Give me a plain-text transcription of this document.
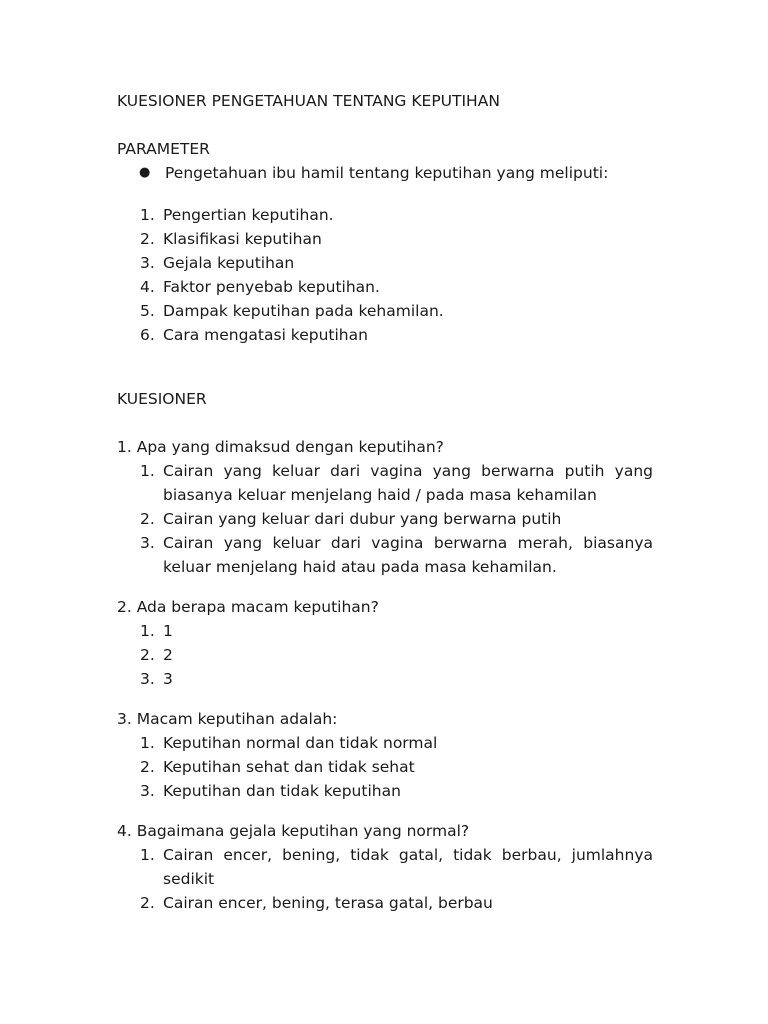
KUESIONER PENGETAHUAN TENTANG KEPUTIHAN
PARAMETER
● Pengetahuan ibu hamil tentang keputihan yang meliputi:
1. Pengertian keputihan.
2. Klasifikasi keputihan
3. Gejala keputihan
4. Faktor penyebab keputihan.
5. Dampak keputihan pada kehamilan.
6. Cara mengatasi keputihan
KUESIONER
1. Apa yang dimaksud dengan keputihan?
1. Cairan yang keluar dari vagina yang berwarna putih yang biasanya keluar menjelang haid / pada masa kehamilan
2. Cairan yang keluar dari dubur yang berwarna putih
3. Cairan yang keluar dari vagina berwarna merah, biasanya keluar menjelang haid atau pada masa kehamilan.
2. Ada berapa macam keputihan?
1. 1
2. 2
3. 3
3. Macam keputihan adalah:
1. Keputihan normal dan tidak normal
2. Keputihan sehat dan tidak sehat
3. Keputihan dan tidak keputihan
4. Bagaimana gejala keputihan yang normal?
1. Cairan encer, bening, tidak gatal, tidak berbau, jumlahnya sedikit
2. Cairan encer, bening, terasa gatal, berbau
